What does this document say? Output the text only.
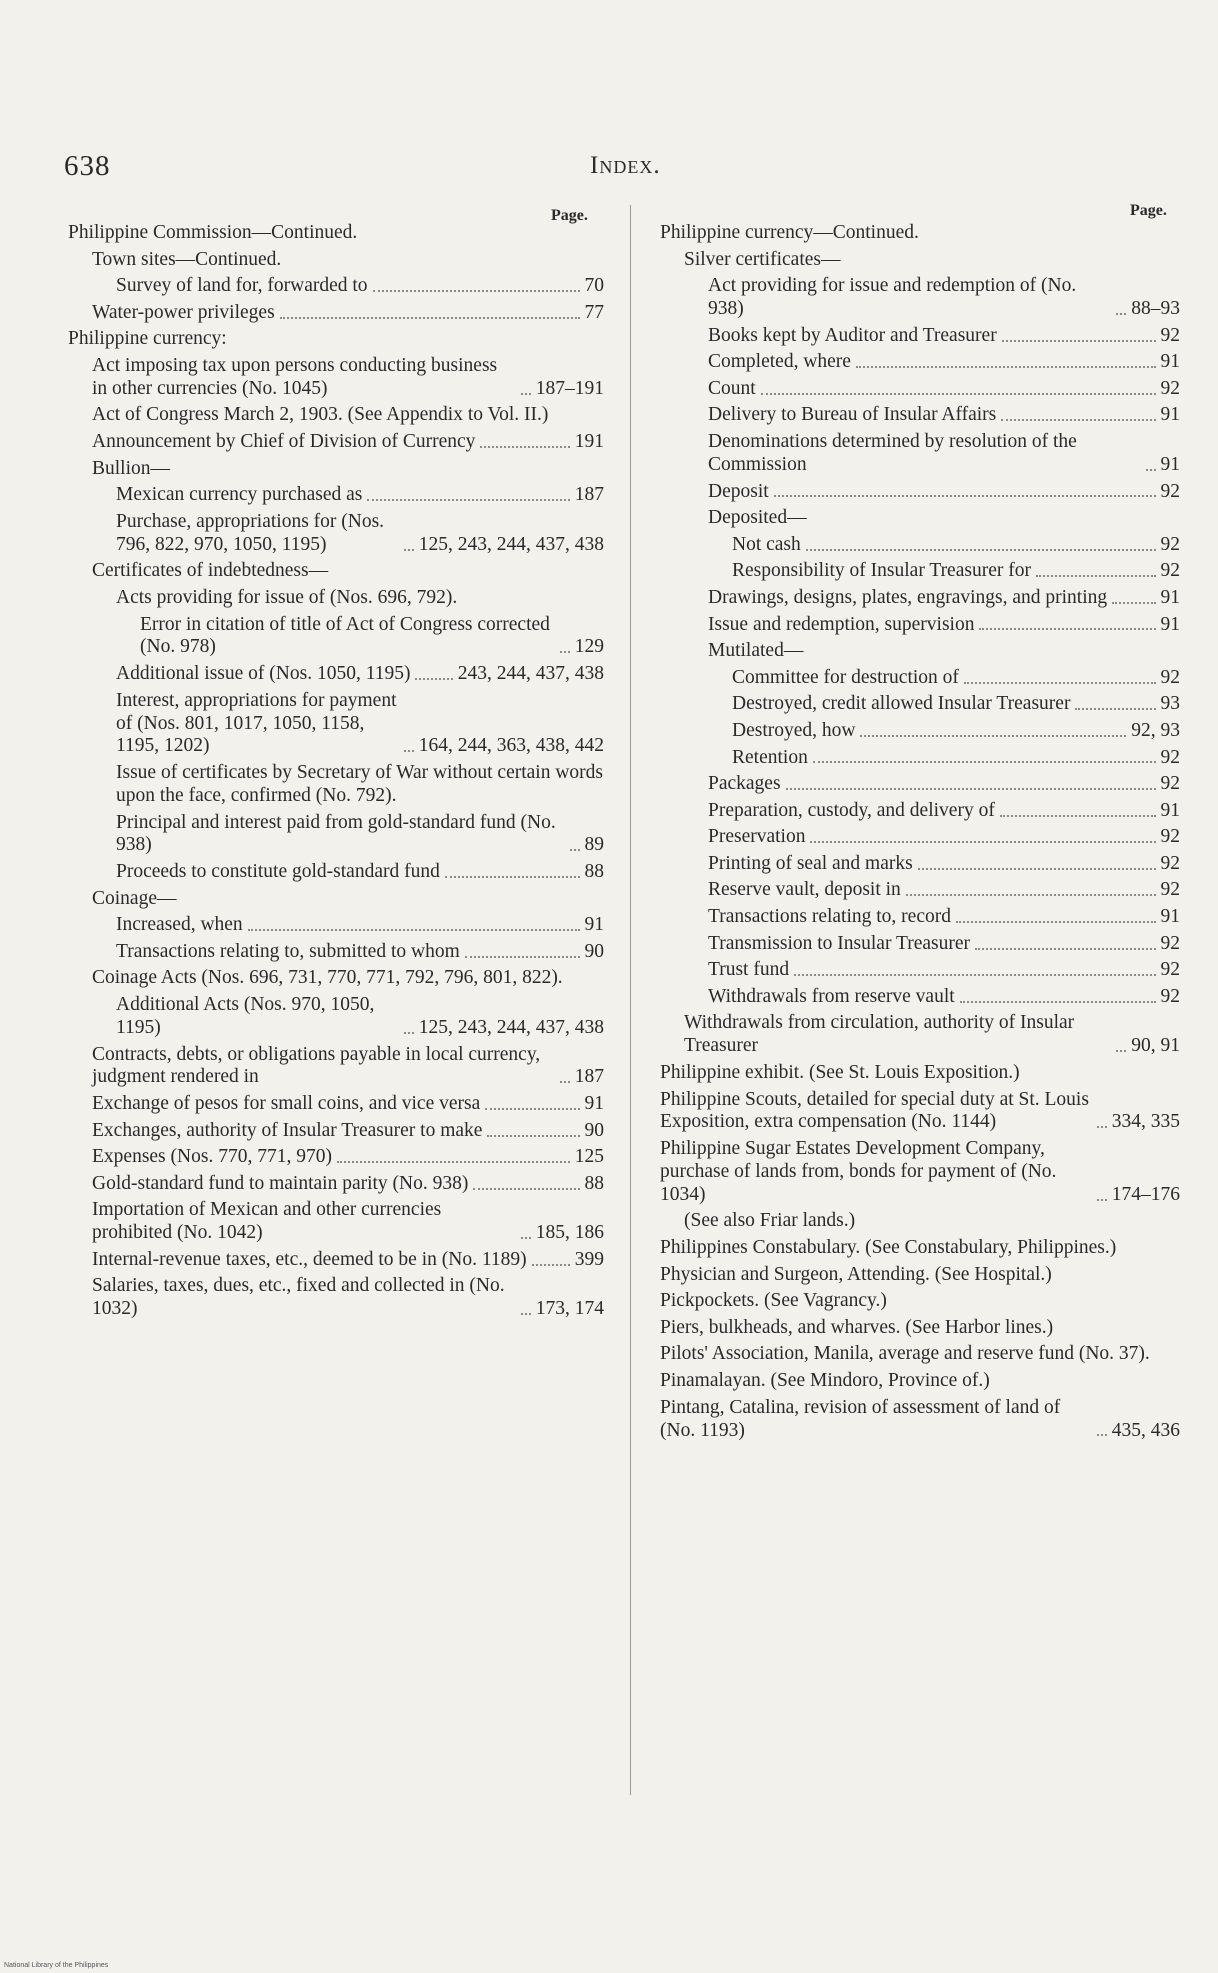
638	Index.
Page.	Page.
Philippine Commission—Continued.
Town sites—Continued.
Survey of land for, forwarded to	70
Water-power privileges	77
Philippine currency:
Act imposing tax upon persons conducting business in other currencies (No. 1045)	187–191
Act of Congress March 2, 1903. (See Appendix to Vol. II.)
Announcement by Chief of Division of Currency	191
Bullion—
Mexican currency purchased as	187
Purchase, appropriations for (Nos. 796, 822, 970, 1050, 1195)	125, 243, 244, 437, 438
Certificates of indebtedness—
Acts providing for issue of (Nos. 696, 792).
Error in citation of title of Act of Congress corrected (No. 978)	129
Additional issue of (Nos. 1050, 1195) 243, 244, 437, 438
Interest, appropriations for payment of (Nos. 801, 1017, 1050, 1158, 1195, 1202)	164, 244, 363, 438, 442
Issue of certificates by Secretary of War without certain words upon the face, confirmed (No. 792).
Principal and interest paid from gold-standard fund (No. 938)	89
Proceeds to constitute gold-standard fund	88
Coinage—
Increased, when	91
Transactions relating to, submitted to whom	90
Coinage Acts (Nos. 696, 731, 770, 771, 792, 796, 801, 822).
Additional Acts (Nos. 970, 1050, 1195)	125, 243, 244, 437, 438
Contracts, debts, or obligations payable in local currency, judgment rendered in	187
Exchange of pesos for small coins, and vice versa	91
Exchanges, authority of Insular Treasurer to make	90
Expenses (Nos. 770, 771, 970)	125
Gold-standard fund to maintain parity (No. 938)	88
Importation of Mexican and other currencies prohibited (No. 1042)	185, 186
Internal-revenue taxes, etc., deemed to be in (No. 1189) 399
Salaries, taxes, dues, etc., fixed and collected in (No. 1032)	173, 174
Philippine currency—Continued.
Silver certificates—
Act providing for issue and redemption of (No. 938)	88–93
Books kept by Auditor and Treasurer	92
Completed, where	91
Count	92
Delivery to Bureau of Insular Affairs	91
Denominations determined by resolution of the Commission	91
Deposit	92
Deposited—
Not cash	92
Responsibility of Insular Treasurer for	92
Drawings, designs, plates, engravings, and printing	91
Issue and redemption, supervision	91
Mutilated—
Committee for destruction of	92
Destroyed, credit allowed Insular Treasurer	93
Destroyed, how	92, 93
Retention	92
Packages	92
Preparation, custody, and delivery of	91
Preservation	92
Printing of seal and marks	92
Reserve vault, deposit in	92
Transactions relating to, record	91
Transmission to Insular Treasurer	92
Trust fund	92
Withdrawals from reserve vault	92
Withdrawals from circulation, authority of Insular Treasurer	90, 91
Philippine exhibit. (See St. Louis Exposition.)
Philippine Scouts, detailed for special duty at St. Louis Exposition, extra compensation (No. 1144)	334, 335
Philippine Sugar Estates Development Company, purchase of lands from, bonds for payment of (No. 1034)	174–176
(See also Friar lands.)
Philippines Constabulary. (See Constabulary, Philippines.)
Physician and Surgeon, Attending. (See Hospital.)
Pickpockets. (See Vagrancy.)
Piers, bulkheads, and wharves. (See Harbor lines.)
Pilots' Association, Manila, average and reserve fund (No. 37).
Pinamalayan. (See Mindoro, Province of.)
Pintang, Catalina, revision of assessment of land of (No. 1193)	435, 436
National Library of the Philippines
